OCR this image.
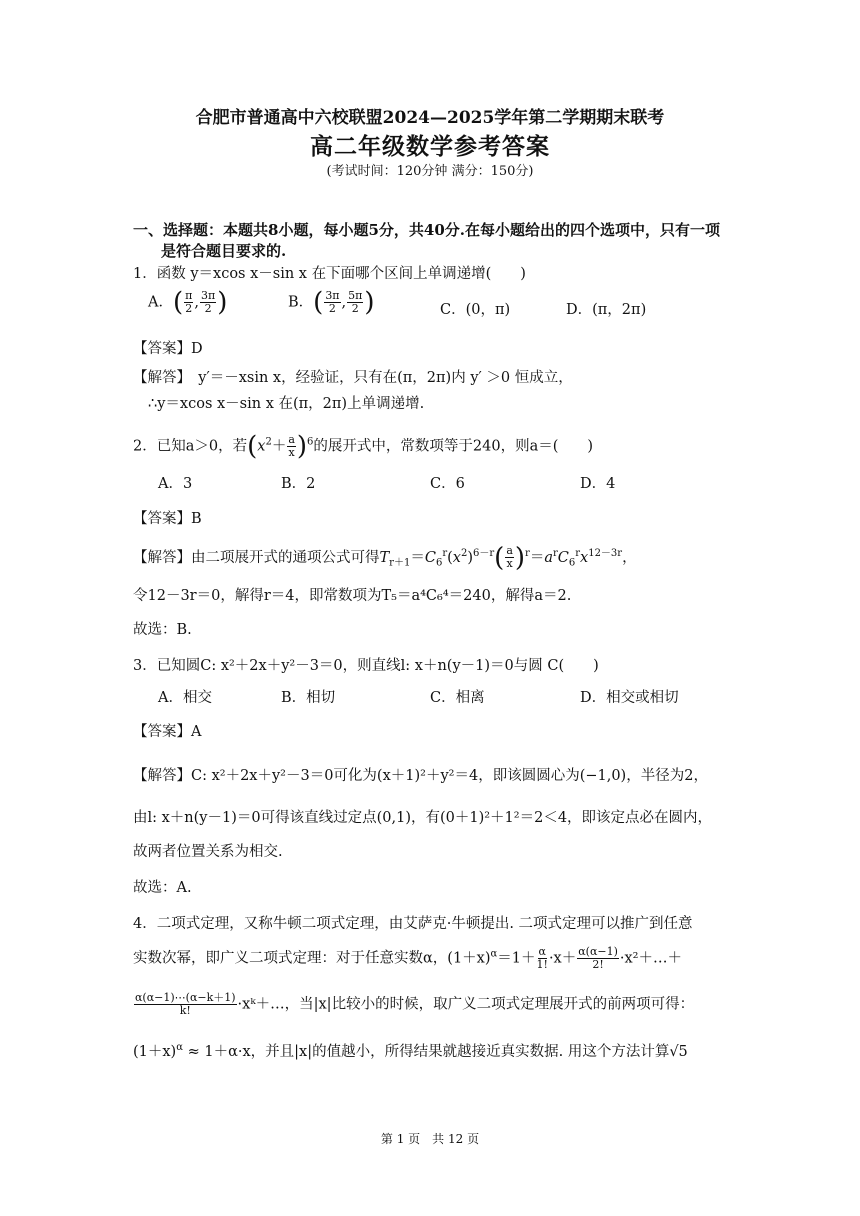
合肥市普通高中六校联盟2024—2025学年第二学期期末联考
高二年级数学参考答案
(考试时间：120分钟 满分：150分)
一、选择题：本题共8小题，每小题5分，共40分.在每小题给出的四个选项中，只有一项
是符合题目要求的.
1．函数 y＝xcos x－sin x 在下面哪个区间上单调递增(　　)
A．( $\frac{\pi}{2}$ , $\frac{3\pi}{2}$ )	B．( $\frac{3\pi}{2}$ , $\frac{5\pi}{2}$ )	C．(0，π)	D．(π，2π)
【答案】D
【解答】　y′＝－xsin x，经验证，只有在(π，2π)内 y′ ＞0 恒成立，
∴y＝xcos x－sin x 在(π，2π)上单调递增.
2．已知a＞0，若$(x^2+ \frac{a}{x} )^6$的展开式中，常数项等于240，则a＝(　　)
A．3	B．2	C．6	D．4
【答案】B
【解答】由二项展开式的通项公式可得$T_{r+1}=C_6^r(x^2)^{6-r}( \frac{a}{x} )^r=a^rC_6^rx^{12-3r}$，
令12－3r＝0，解得r＝4，即常数项为T₅＝a⁴C₆⁴＝240，解得a＝2.
故选：B.
3．已知圆C: x²＋2x＋y²－3＝0，则直线l: x＋n(y－1)＝0与圆 C(　　)
A．相交	B．相切	C．相离	D．相交或相切
【答案】A
【解答】C: x²＋2x＋y²－3＝0可化为(x＋1)²＋y²＝4，即该圆圆心为(−1,0)，半径为2，
由l: x＋n(y－1)＝0可得该直线过定点(0,1)，有(0＋1)²＋1²＝2＜4，即该定点必在圆内，
故两者位置关系为相交.
故选：A.
4．二项式定理，又称牛顿二项式定理，由艾萨克·牛顿提出. 二项式定理可以推广到任意
实数次幂，即广义二项式定理：对于任意实数α，$(1+x)^\alpha=1+ \frac{\alpha}{1!} \cdot x+ \frac{\alpha(\alpha-1)}{2!}$ ·x²＋…＋
$\frac{\alpha(\alpha-1)\cdots(\alpha-k+1)}{k!}$ ·xᵏ＋…，当|x|比较小的时候，取广义二项式定理展开式的前两项可得：
$(1+x)^\alpha \approx 1+\alpha\cdot x$，并且|x|的值越小，所得结果就越接近真实数据. 用这个方法计算√5
第 1 页　共 12 页
